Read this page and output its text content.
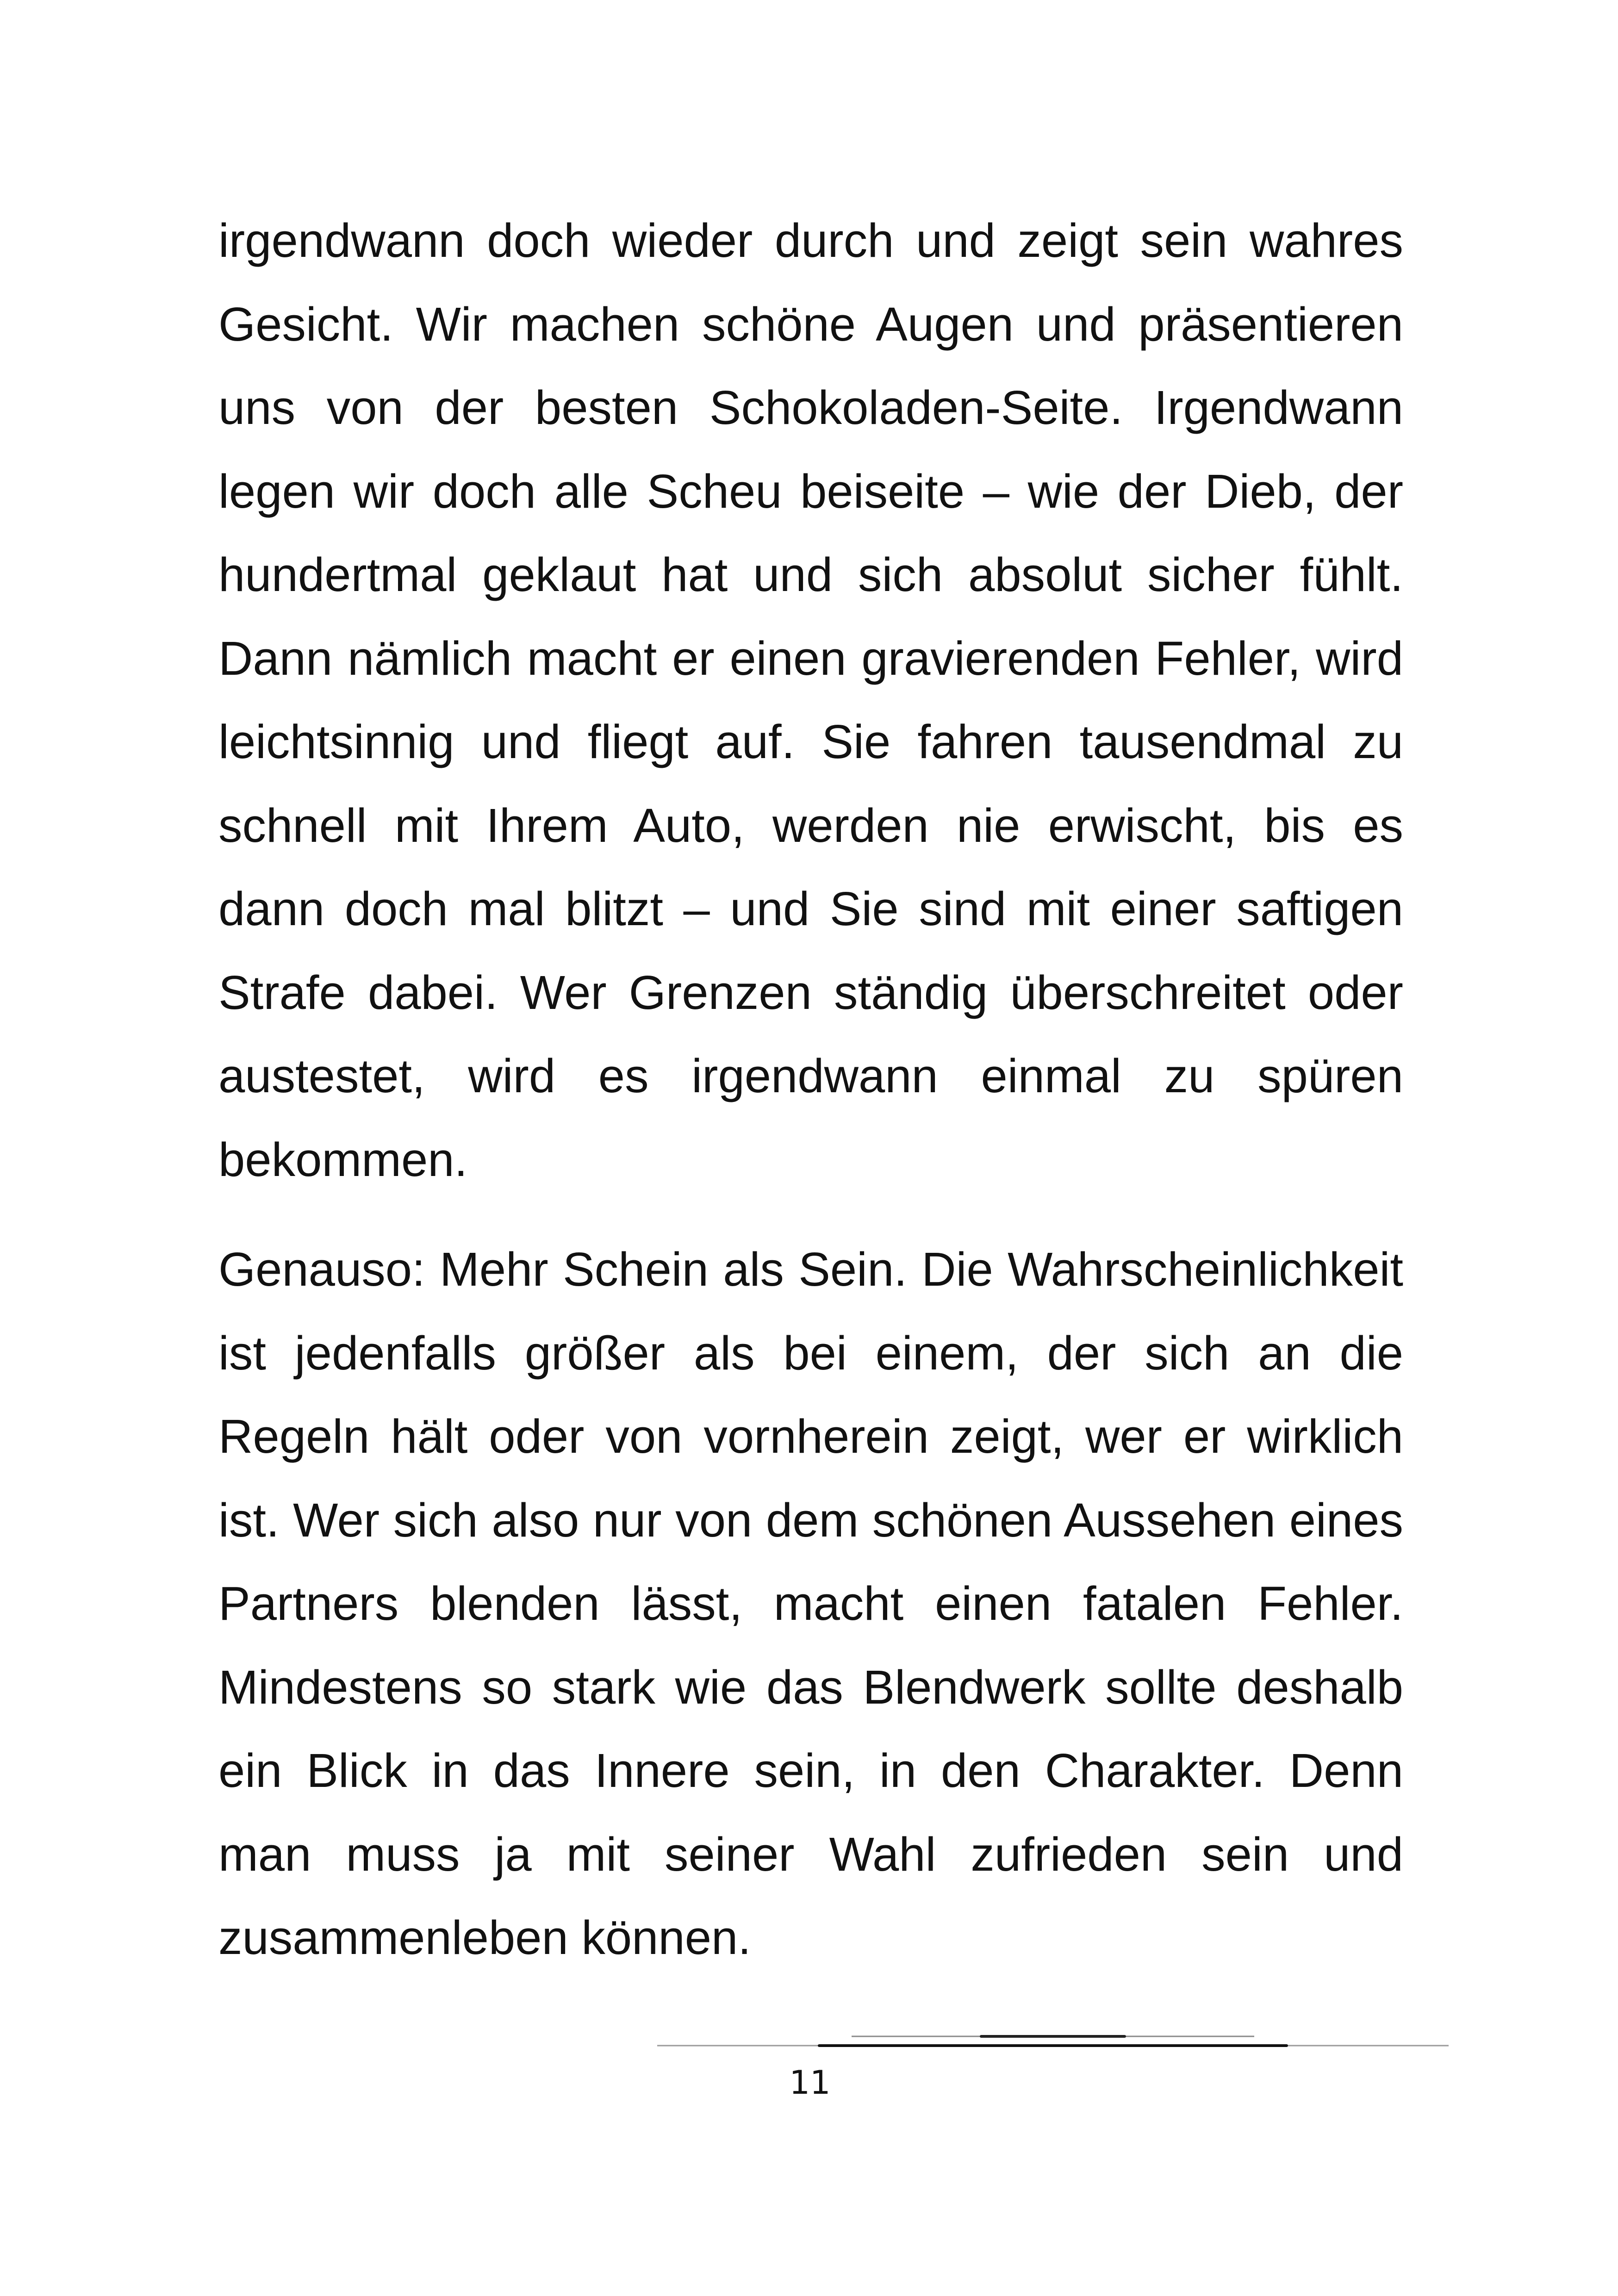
irgendwann doch wieder durch und zeigt sein wahres Gesicht. Wir machen schöne Augen und präsentieren uns von der besten Schokoladen-Seite. Irgendwann legen wir doch alle Scheu beiseite – wie der Dieb, der hundertmal geklaut hat und sich absolut sicher fühlt. Dann nämlich macht er einen gravierenden Fehler, wird leichtsinnig und fliegt auf. Sie fahren tausendmal zu schnell mit Ihrem Auto, werden nie erwischt, bis es dann doch mal blitzt – und Sie sind mit einer saftigen Strafe dabei. Wer Grenzen ständig überschreitet oder austestet, wird es irgendwann einmal zu spüren bekommen.

Genauso: Mehr Schein als Sein. Die Wahrscheinlichkeit ist jedenfalls größer als bei einem, der sich an die Regeln hält oder von vornherein zeigt, wer er wirklich ist. Wer sich also nur von dem schönen Aussehen eines Partners blenden lässt, macht einen fatalen Fehler. Mindestens so stark wie das Blendwerk sollte deshalb ein Blick in das Innere sein, in den Charakter. Denn man muss ja mit seiner Wahl zufrieden sein und zusammenleben können.

11
